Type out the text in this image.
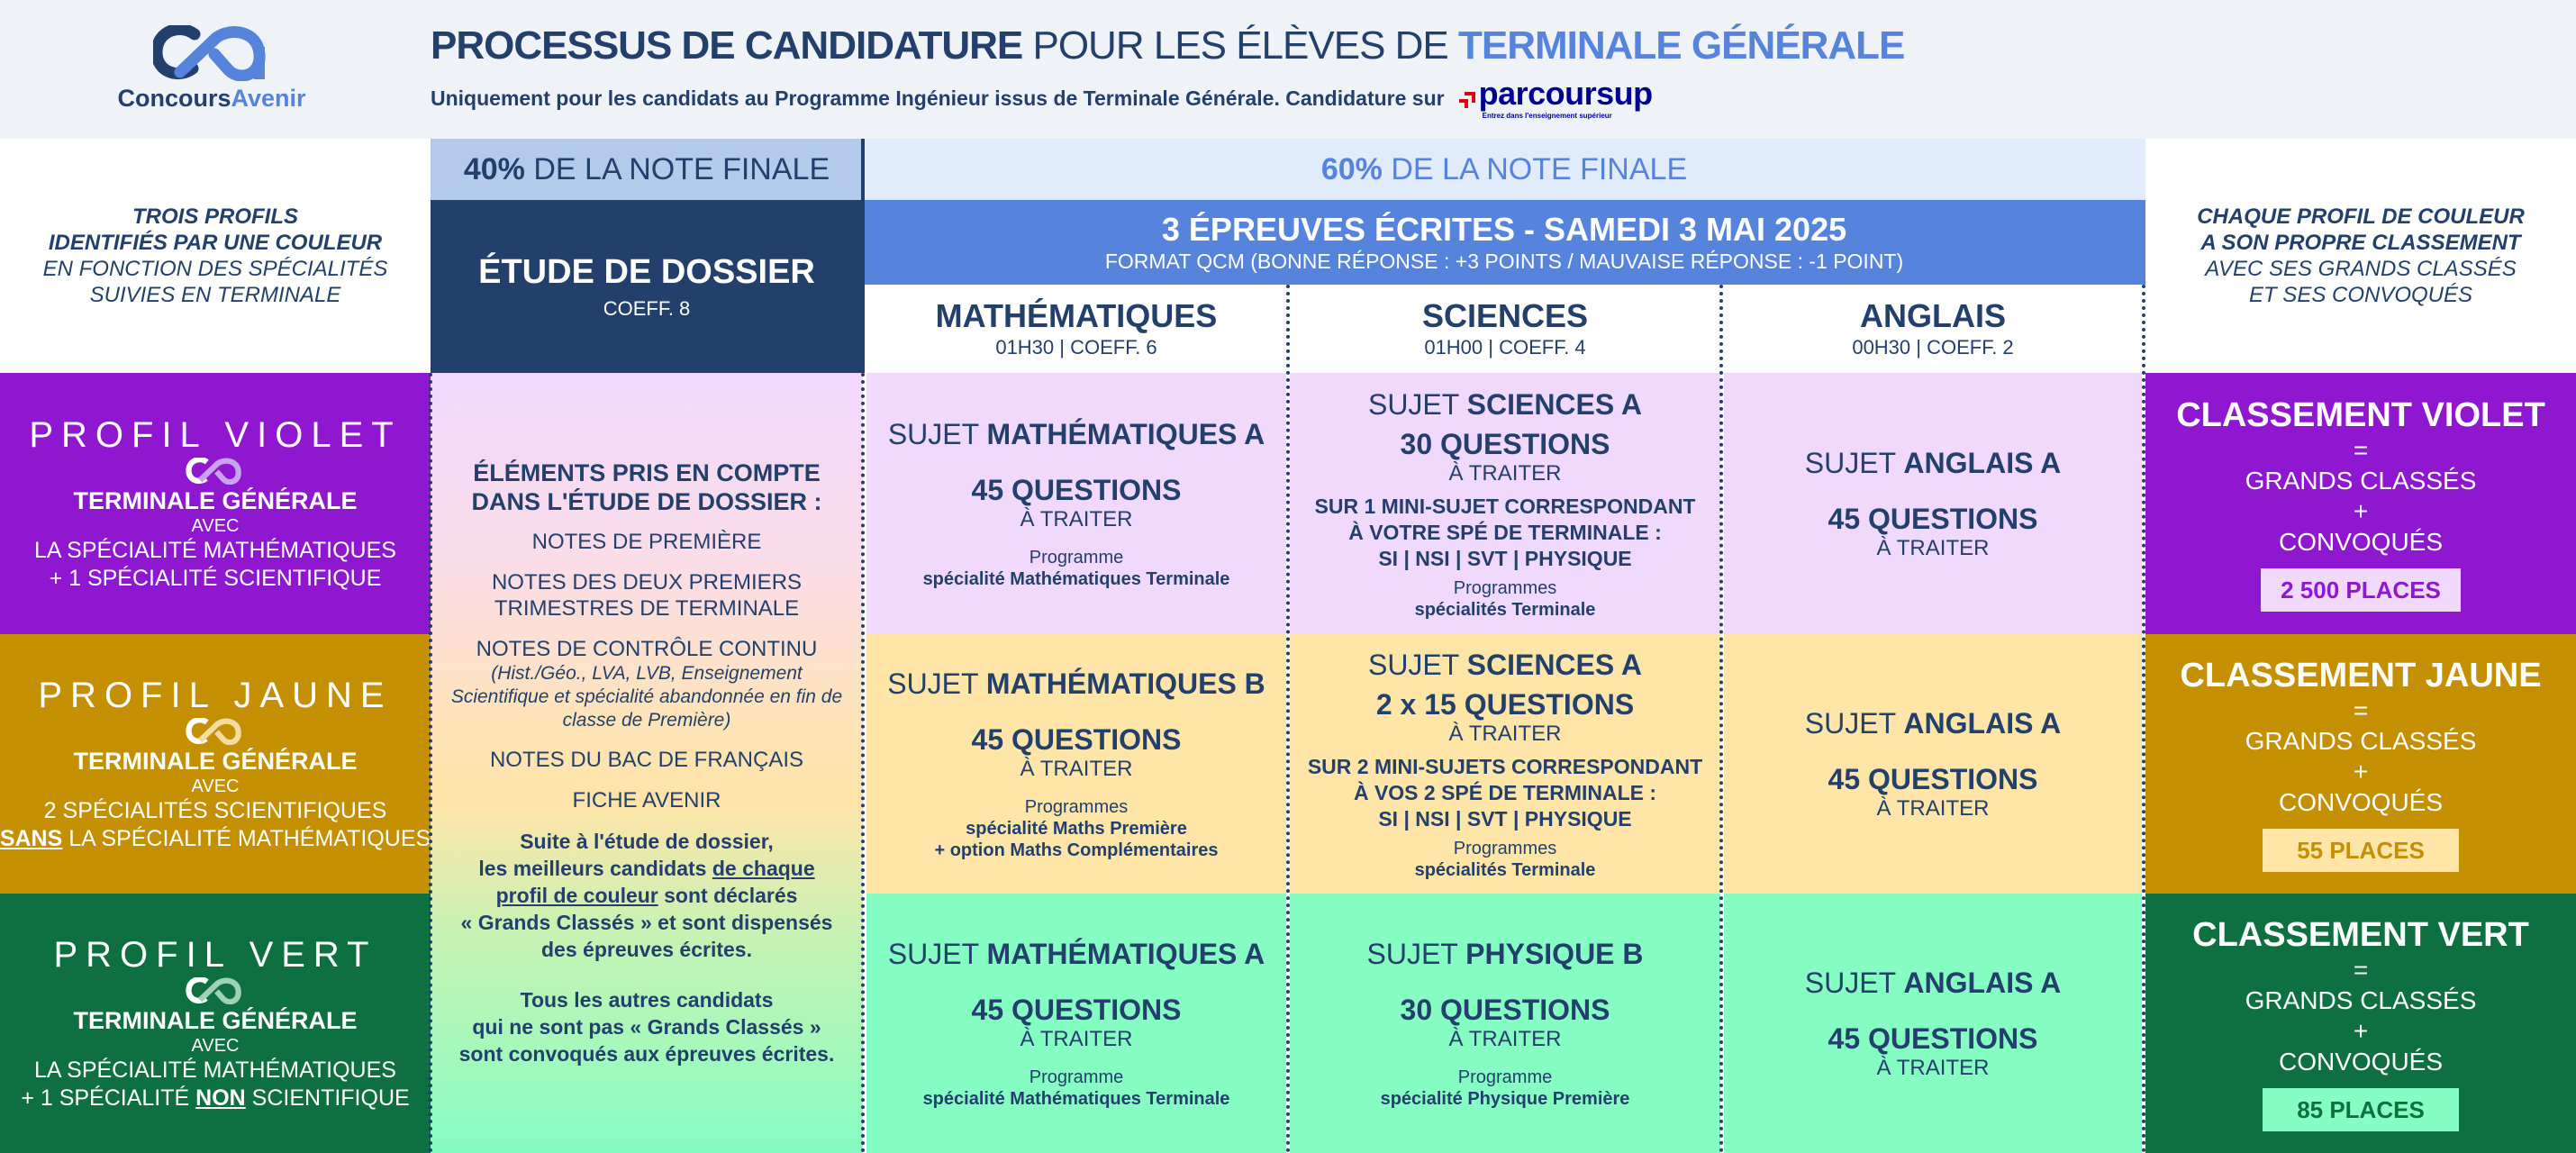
ConcoursAvenir
PROCESSUS DE CANDIDATURE POUR LES ÉLÈVES DE TERMINALE GÉNÉRALE
Uniquement pour les candidats au Programme Ingénieur issus de Terminale Générale. Candidature sur parcoursup
Entrez dans l'enseignement supérieur
TROIS PROFILS
IDENTIFIÉS PAR UNE COULEUR
EN FONCTION DES SPÉCIALITÉS
SUIVIES EN TERMINALE
40% DE LA NOTE FINALE	60% DE LA NOTE FINALE
ÉTUDE DE DOSSIER
COEFF. 8
3 ÉPREUVES ÉCRITES - SAMEDI 3 MAI 2025
FORMAT QCM (BONNE RÉPONSE : +3 POINTS / MAUVAISE RÉPONSE : -1 POINT)
MATHÉMATIQUES
01H30 | COEFF. 6
SCIENCES
01H00 | COEFF. 4
ANGLAIS
00H30 | COEFF. 2
CHAQUE PROFIL DE COULEUR
A SON PROPRE CLASSEMENT
AVEC SES GRANDS CLASSÉS
ET SES CONVOQUÉS
PROFIL VIOLET
TERMINALE GÉNÉRALE
AVEC
LA SPÉCIALITÉ MATHÉMATIQUES
+ 1 SPÉCIALITÉ SCIENTIFIQUE
PROFIL JAUNE
TERMINALE GÉNÉRALE
AVEC
2 SPÉCIALITÉS SCIENTIFIQUES
SANS LA SPÉCIALITÉ MATHÉMATIQUES
PROFIL VERT
TERMINALE GÉNÉRALE
AVEC
LA SPÉCIALITÉ MATHÉMATIQUES
+ 1 SPÉCIALITÉ NON SCIENTIFIQUE
ÉLÉMENTS PRIS EN COMPTE
DANS L'ÉTUDE DE DOSSIER :
NOTES DE PREMIÈRE
NOTES DES DEUX PREMIERS
TRIMESTRES DE TERMINALE
NOTES DE CONTRÔLE CONTINU
(Hist./Géo., LVA, LVB, Enseignement Scientifique et spécialité abandonnée en fin de classe de Première)
NOTES DU BAC DE FRANÇAIS
FICHE AVENIR
Suite à l'étude de dossier,
les meilleurs candidats de chaque
profil de couleur sont déclarés
« Grands Classés » et sont dispensés
des épreuves écrites.
Tous les autres candidats
qui ne sont pas « Grands Classés »
sont convoqués aux épreuves écrites.
SUJET MATHÉMATIQUES A
45 QUESTIONS
À TRAITER
Programme
spécialité Mathématiques Terminale
SUJET SCIENCES A
30 QUESTIONS
À TRAITER
SUR 1 MINI-SUJET CORRESPONDANT
À VOTRE SPÉ DE TERMINALE :
SI | NSI | SVT | PHYSIQUE
Programmes
spécialités Terminale
SUJET ANGLAIS A
45 QUESTIONS
À TRAITER
SUJET MATHÉMATIQUES B
45 QUESTIONS
À TRAITER
Programmes
spécialité Maths Première
+ option Maths Complémentaires
SUJET SCIENCES A
2 x 15 QUESTIONS
À TRAITER
SUR 2 MINI-SUJETS CORRESPONDANT
À VOS 2 SPÉ DE TERMINALE :
SI | NSI | SVT | PHYSIQUE
Programmes
spécialités Terminale
SUJET ANGLAIS A
45 QUESTIONS
À TRAITER
SUJET MATHÉMATIQUES A
45 QUESTIONS
À TRAITER
Programme
spécialité Mathématiques Terminale
SUJET PHYSIQUE B
30 QUESTIONS
À TRAITER
Programme
spécialité Physique Première
SUJET ANGLAIS A
45 QUESTIONS
À TRAITER
CLASSEMENT VIOLET
=
GRANDS CLASSÉS
+
CONVOQUÉS
2 500 PLACES
CLASSEMENT JAUNE
=
GRANDS CLASSÉS
+
CONVOQUÉS
55 PLACES
CLASSEMENT VERT
=
GRANDS CLASSÉS
+
CONVOQUÉS
85 PLACES
